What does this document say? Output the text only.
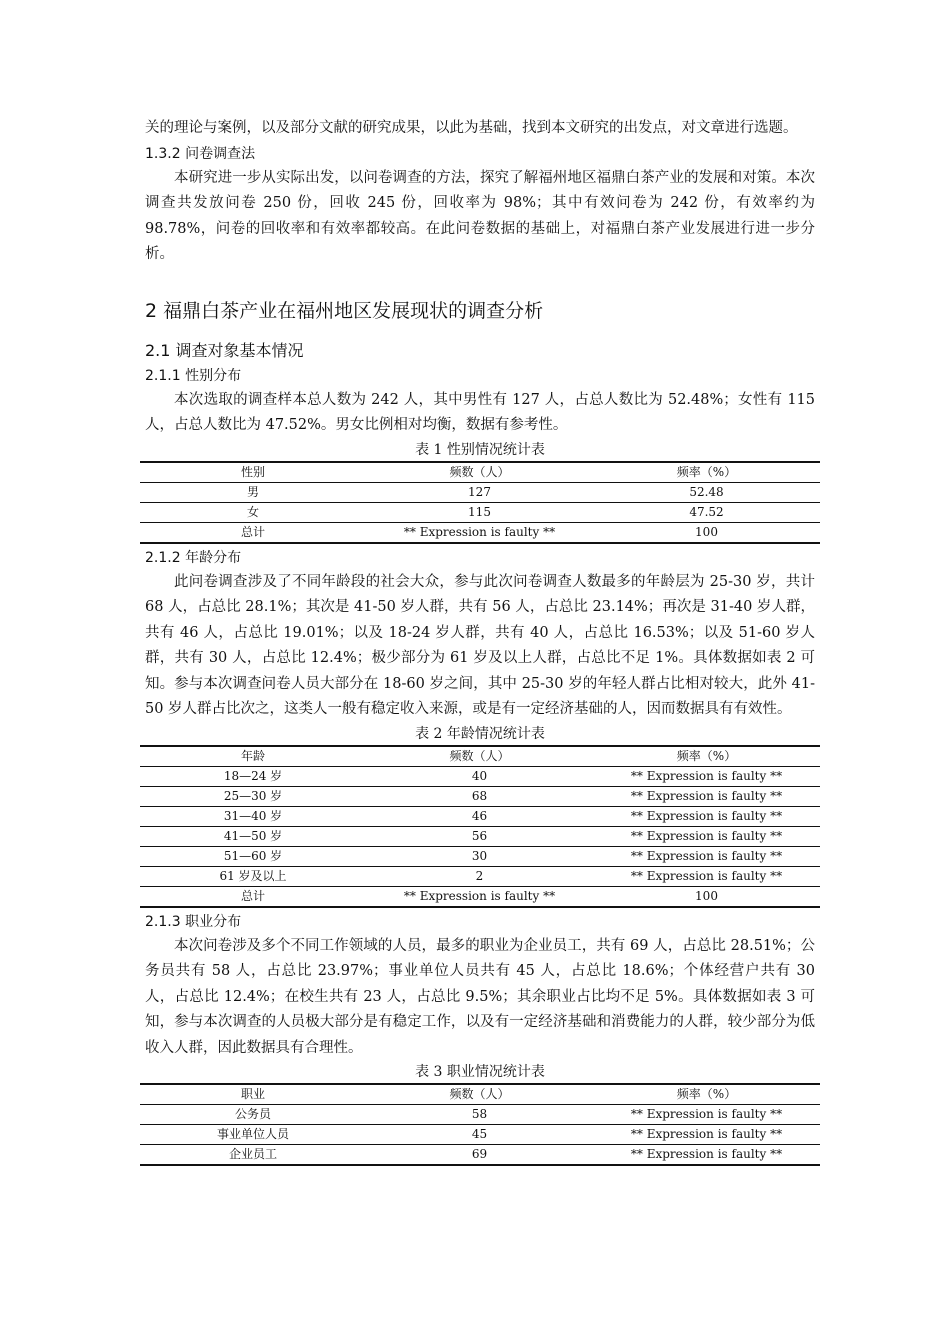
关的理论与案例，以及部分文献的研究成果，以此为基础，找到本文研究的出发点，对文章进行选题。

1.3.2 问卷调查法

本研究进一步从实际出发，以问卷调查的方法，探究了解福州地区福鼎白茶产业的发展和对策。本次调查共发放问卷 250 份，回收 245 份，回收率为 98%；其中有效问卷为 242 份，有效率约为 98.78%，问卷的回收率和有效率都较高。在此问卷数据的基础上，对福鼎白茶产业发展进行进一步分析。

2 福鼎白茶产业在福州地区发展现状的调查分析

2.1 调查对象基本情况

2.1.1 性别分布

本次选取的调查样本总人数为 242 人，其中男性有 127 人，占总人数比为 52.48%；女性有 115 人，占总人数比为 47.52%。男女比例相对均衡，数据有参考性。

表 1 性别情况统计表

性别	频数（人）	频率（%）
男	127	52.48
女	115	47.52
总计	** Expression is faulty **	100

2.1.2 年龄分布

此问卷调查涉及了不同年龄段的社会大众，参与此次问卷调查人数最多的年龄层为 25-30 岁，共计 68 人，占总比 28.1%；其次是 41-50 岁人群，共有 56 人，占总比 23.14%；再次是 31-40 岁人群，共有 46 人，占总比 19.01%；以及 18-24 岁人群，共有 40 人，占总比 16.53%；以及 51-60 岁人群，共有 30 人，占总比 12.4%；极少部分为 61 岁及以上人群，占总比不足 1%。具体数据如表 2 可知。参与本次调查问卷人员大部分在 18-60 岁之间，其中 25-30 岁的年轻人群占比相对较大，此外 41-50 岁人群占比次之，这类人一般有稳定收入来源，或是有一定经济基础的人，因而数据具有有效性。

表 2 年龄情况统计表

年龄	频数（人）	频率（%）
18—24 岁	40	** Expression is faulty **
25—30 岁	68	** Expression is faulty **
31—40 岁	46	** Expression is faulty **
41—50 岁	56	** Expression is faulty **
51—60 岁	30	** Expression is faulty **
61 岁及以上	2	** Expression is faulty **
总计	** Expression is faulty **	100

2.1.3 职业分布

本次问卷涉及多个不同工作领域的人员，最多的职业为企业员工，共有 69 人，占总比 28.51%；公务员共有 58 人，占总比 23.97%；事业单位人员共有 45 人，占总比 18.6%；个体经营户共有 30 人，占总比 12.4%；在校生共有 23 人，占总比 9.5%；其余职业占比均不足 5%。具体数据如表 3 可知，参与本次调查的人员极大部分是有稳定工作，以及有一定经济基础和消费能力的人群，较少部分为低收入人群，因此数据具有合理性。

表 3 职业情况统计表

职业	频数（人）	频率（%）
公务员	58	** Expression is faulty **
事业单位人员	45	** Expression is faulty **
企业员工	69	** Expression is faulty **
